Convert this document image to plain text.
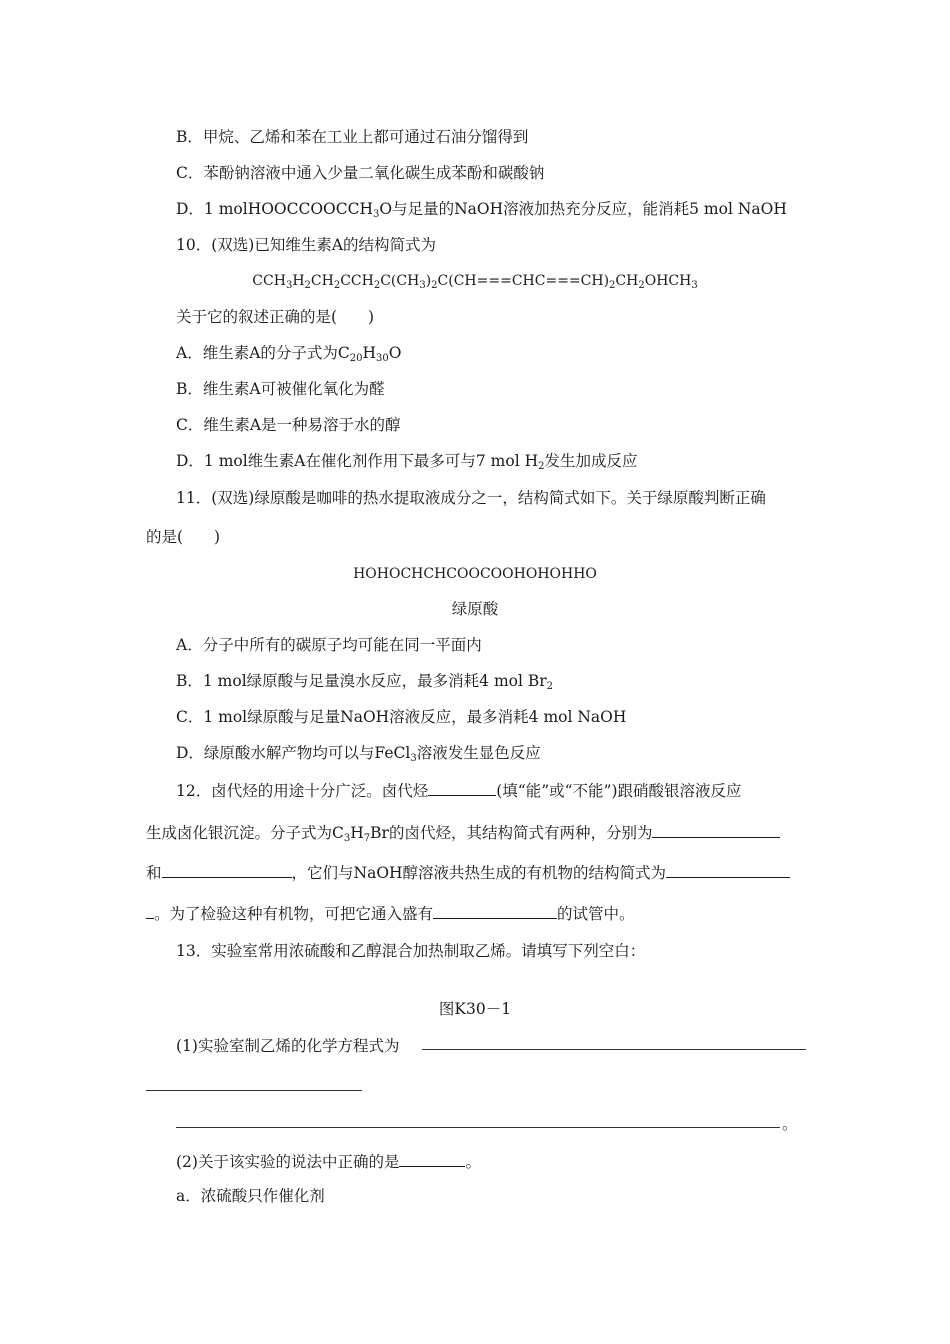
B．甲烷、乙烯和苯在工业上都可通过石油分馏得到
C．苯酚钠溶液中通入少量二氧化碳生成苯酚和碳酸钠
D．1 molHOOCCOOCCH$_3$O与足量的NaOH溶液加热充分反应，能消耗5 mol NaOH
10．(双选)已知维生素A的结构简式为
$CCH_3H_2CH_2CCH_2C(CH_3)_2C(CH===CHC===CH)_2CH_2OHCH_3$
关于它的叙述正确的是(　　)
A．维生素A的分子式为$C_{20}H_{30}O$
B．维生素A可被催化氧化为醛
C．维生素A是一种易溶于水的醇
D．1 mol维生素A在催化剂作用下最多可与7 mol $H_2$发生加成反应
11．(双选)绿原酸是咖啡的热水提取液成分之一，结构简式如下。关于绿原酸判断正确
的是(　　)
HOHOCHCHCOOCOOHOHOHHO
绿原酸
A．分子中所有的碳原子均可能在同一平面内
B．1 mol绿原酸与足量溴水反应，最多消耗4 mol $Br_2$
C．1 mol绿原酸与足量NaOH溶液反应，最多消耗4 mol NaOH
D．绿原酸水解产物均可以与FeCl$_3$溶液发生显色反应
12．卤代烃的用途十分广泛。卤代烃	(填“能”或“不能”)跟硝酸银溶液反应
生成卤化银沉淀。分子式为$C_3H_7Br$的卤代烃，其结构简式有两种，分别为
和	，它们与NaOH醇溶液共热生成的有机物的结构简式为
。为了检验这种有机物，可把它通入盛有	的试管中。
13．实验室常用浓硫酸和乙醇混合加热制取乙烯。请填写下列空白：
图K30－1
(1)实验室制乙烯的化学方程式为
。
(2)关于该实验的说法中正确的是	。
a．浓硫酸只作催化剂
